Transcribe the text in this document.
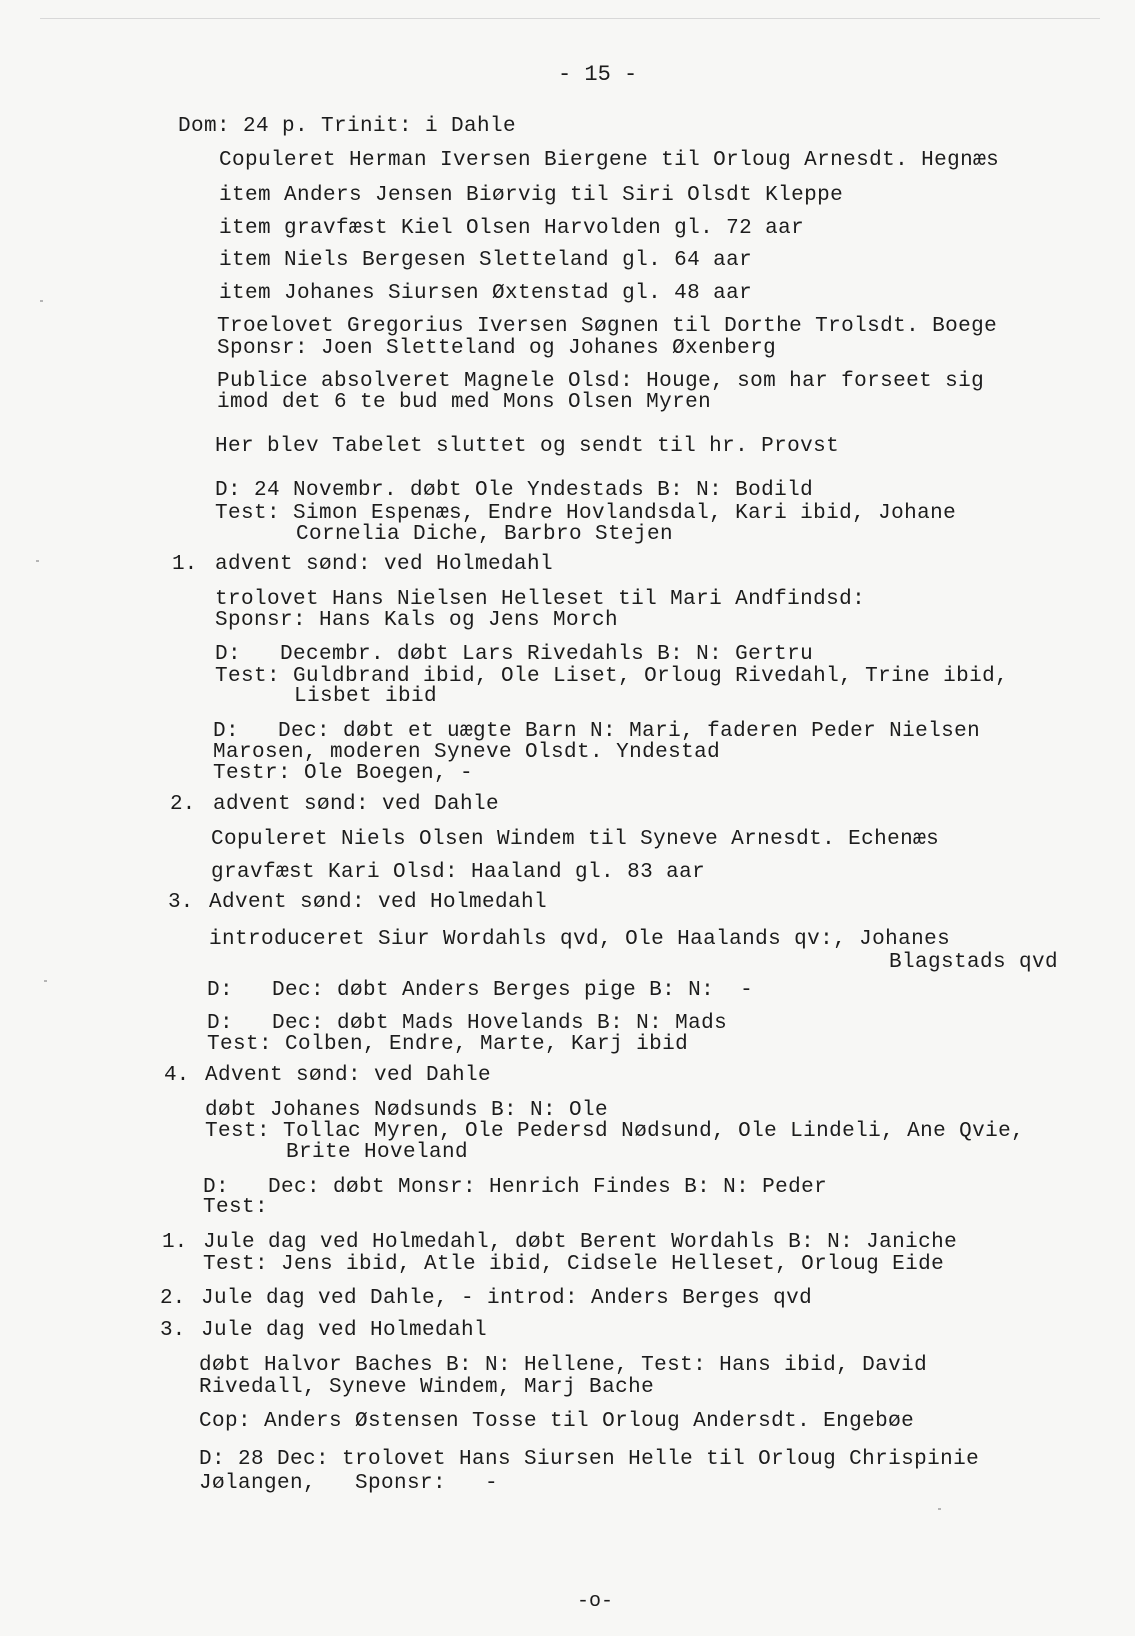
- 15 -
Dom: 24 p. Trinit: i Dahle
Copuleret Herman Iversen Biergene til Orloug Arnesdt. Hegnæs
item Anders Jensen Biørvig til Siri Olsdt Kleppe
item gravfæst Kiel Olsen Harvolden gl. 72 aar
item Niels Bergesen Sletteland gl. 64 aar
item Johanes Siursen Øxtenstad gl. 48 aar
Troelovet Gregorius Iversen Søgnen til Dorthe Trolsdt. Boege
Sponsr: Joen Sletteland og Johanes Øxenberg
Publice absolveret Magnele Olsd: Houge, som har forseet sig
imod det 6 te bud med Mons Olsen Myren
Her blev Tabelet sluttet og sendt til hr. Provst
D: 24 Novembr. døbt Ole Yndestads B: N: Bodild
Test: Simon Espenæs, Endre Hovlandsdal, Kari ibid, Johane
Cornelia Diche, Barbro Stejen
1. advent sønd: ved Holmedahl
trolovet Hans Nielsen Helleset til Mari Andfindsd:
Sponsr: Hans Kals og Jens Morch
D:   Decembr. døbt Lars Rivedahls B: N: Gertru
Test: Guldbrand ibid, Ole Liset, Orloug Rivedahl, Trine ibid,
Lisbet ibid
D:   Dec: døbt et uægte Barn N: Mari, faderen Peder Nielsen
Marosen, moderen Syneve Olsdt. Yndestad
Testr: Ole Boegen, -
2. advent sønd: ved Dahle
Copuleret Niels Olsen Windem til Syneve Arnesdt. Echenæs
gravfæst Kari Olsd: Haaland gl. 83 aar
3. Advent sønd: ved Holmedahl
introduceret Siur Wordahls qvd, Ole Haalands qv:, Johanes
Blagstads qvd
D:   Dec: døbt Anders Berges pige B: N:  -
D:   Dec: døbt Mads Hovelands B: N: Mads
Test: Colben, Endre, Marte, Karj ibid
4. Advent sønd: ved Dahle
døbt Johanes Nødsunds B: N: Ole
Test: Tollac Myren, Ole Pedersd Nødsund, Ole Lindeli, Ane Qvie,
Brite Hoveland
D:   Dec: døbt Monsr: Henrich Findes B: N: Peder
Test:
1. Jule dag ved Holmedahl, døbt Berent Wordahls B: N: Janiche
Test: Jens ibid, Atle ibid, Cidsele Helleset, Orloug Eide
2. Jule dag ved Dahle, - introd: Anders Berges qvd
3. Jule dag ved Holmedahl
døbt Halvor Baches B: N: Hellene, Test: Hans ibid, David
Rivedall, Syneve Windem, Marj Bache
Cop: Anders Østensen Tosse til Orloug Andersdt. Engebøe
D: 28 Dec: trolovet Hans Siursen Helle til Orloug Chrispinie
Jølangen,   Sponsr:   -
-o-
